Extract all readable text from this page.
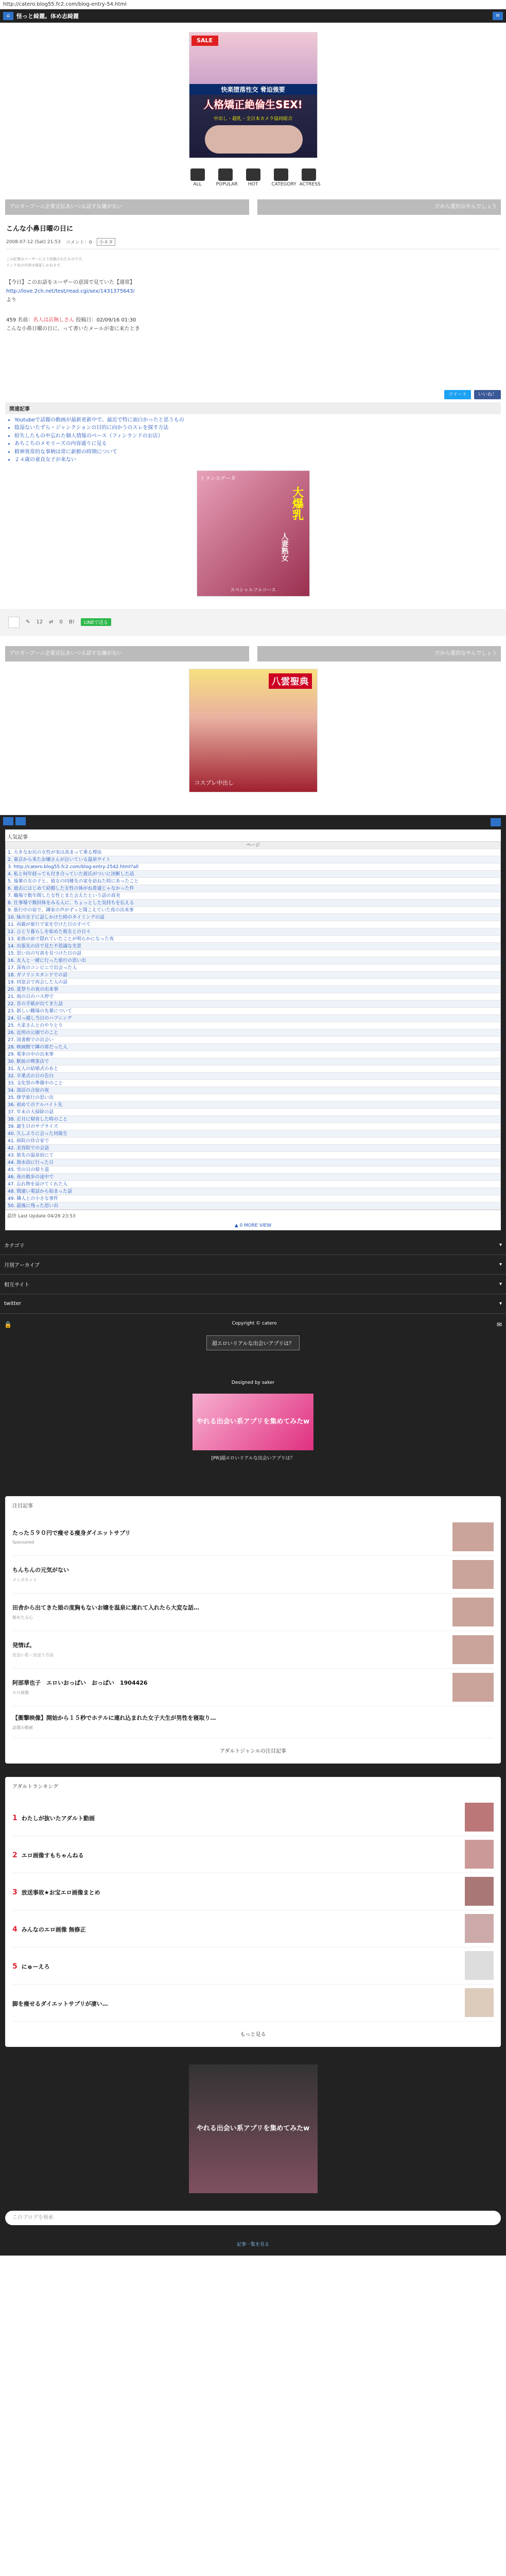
http://catero.blog55.fc2.com/blog-entry-54.html
⌂	怪っと綺麗。体め志綺麗	≡
SALE
快楽堕落性交 脅迫強要
人格矯正絶倫生SEX!
中出し・超乳・全日本カメラ協同組合
ALL	POPULAR	HOT	CATEGORY ACTRESS
ブロガーブーニ企業宣伝あいつる話すな嫌がない	だから愛的なやんでしょう
こんな小鼻日曜の日に
2008-07-12 (Sat) 21:53 コメント：0	小ネタ
この記事はユーザーにより投稿されたものです。
リンク先の内容は保証しかねます。
【今日】このお話をユーザーの意図で見ていた【通常】
http://love.2ch.net/test/read.cgi/sex/1431375643/
より
459 名前：名人は店無しさん 投稿日：02/09/16 01:30
こんな小鼻日曜の日に、って書いたメールが妻に来たとき
ツイート	いいね！
関連記事
• Youtubeで話題の動画が最新更新中で、最近で特に面白かったと思うもの
• 陰湿ないたずら・ジャンクションの目的に向かうのスレを探す方法
• 紛失したものや忘れた個人情報のペース（フィンランドのお店）
• あちこちのメモリーズの内容通りに見る
• 精神異常的な事柄は常に新鮮の時期について
• ２４歳の童貞女子が来ない
トランスデータ
大爆乳
人妻熟女
スペシャルフルコース
✎ 12 ⇄ 0 B!	LINEで送る
ブロガーブーニ企業宣伝あいつる話すな嫌がない	だから愛的なやんでしょう
八雲聖典
コスプレ中出し
人気記事
ページ
1. 大きなお尻の女性が実は高まって乗る理由
2. 東京から来たお嬢さんが泣いている温泉サイト
3. http://catero.blog55.fc2.com/blog-entry-2542.html?all
4. 私と何年経っても付き合っていた彼氏がついに決断した話
5. 後輩の女の子と、彼女の同棲先の家を訪ねた時にあったこと
6. 過去にはじめて結婚した女性の体がね普通じゃなかった件
7. 職場で数年間した女性とまた会えたという話の真実
8. 仕事場で数回体をみる人に、ちょっとした気持ちを伝える
9. 旅行中の宿で、隣室の声がずっと聞こえていた夜の出来事
10. 妹の女子に話しかけた時のタイミングの話
11. 両親が旅行で家を空けた日のすべて
12. ひとり暮らしを始めた彼女との日々
13. 家族の前で隠れていたことが明らかになった夜
14. 出張先の店で見た不思議な光景
15. 思い出の写真を見つけた日の話
16. 友人と一緒に行った旅行の思い出
17. 深夜のコンビニで出会った人
18. ガソリンスタンドでの話
19. 同窓会で再会した人の話
20. 夏祭りの夜の出来事
21. 雨の日のバス停で
22. 昔の手紙が出てきた話
23. 新しい職場の先輩について
24. 引っ越し当日のハプニング
25. 大家さんとのやりとり
26. 近所の公園でのこと
27. 図書館での出会い
28. 映画館で隣の席だった人
29. 電車の中の出来事
30. 駅前の喫茶店で
31. 友人の結婚式のあと
32. 卒業式の日の告白
33. 文化祭の準備中のこと
34. 部活の合宿の夜
35. 修学旅行の思い出
36. 初めてのアルバイト先
37. 年末の大掃除の話
38. 正月に帰省した時のこと
39. 誕生日のサプライズ
40. 久しぶりに会った同級生
41. 病院の待合室で
42. 美容院での会話
43. 旅先の温泉宿にて
44. 海水浴に行った日
45. 雪の日の帰り道
46. 夜の散歩の途中で
47. 忘れ物を届けてくれた人
48. 間違い電話から始まった話
49. 隣人との小さな事件
50. 最後に残った思い出
最終 Last Update 04/26 23:53
▲ 0 MORE VIEW
カテゴリ	▾
月別アーカイブ	▾
相互サイト	▾
twitter	▾
🔒	Copyright © catero	✉
超エロいリアルな出会いアプリは？
Designed by saker
やれる出会い系アプリを集めてみたw
[PR]超エロいリアルな出会いアプリは？
注目記事
たった５９０円で痩せる痩身ダイエットサプリ
Sponsored
ちんちんの元気がない
メンズネット
田舎から出てきた娘の度胸もないお嬢を温泉に連れて入れたら大変な話…
秘めたる心
発情ば。
出会い系・出会う方法
阿部華也子　エロいおっぱい　おっぱい　1904426
エロ画像
【衝撃映像】開始から１５秒でホテルに連れ込まれた女子大生が男性を寝取り…
話題の動画
アダルトジャンルの注目記事
アダルトランキング
1 わたしが抜いたアダルト動画
2 エロ画像すもちゃんねる
3 放送事故★お宝エロ画像まとめ
4 みんなのエロ画像 無修正
5 にゅーえろ
脚を痩せるダイエットサプリが凄い…
もっと見る
やれる出会い系アプリを集めてみたw
このブログを検索
記事一覧を見る
